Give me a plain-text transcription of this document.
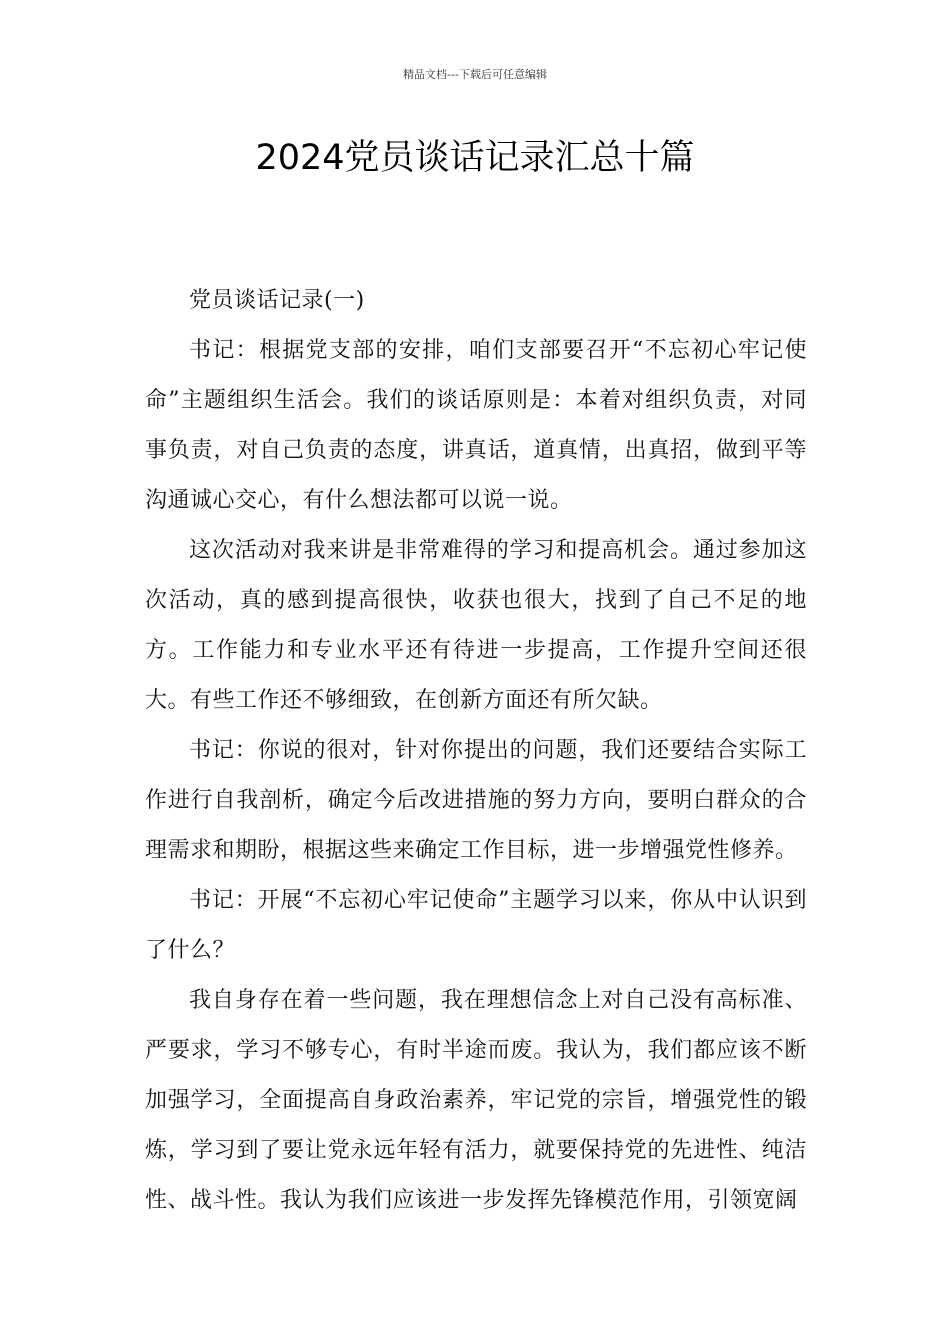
精品文档---下载后可任意编辑
2024党员谈话记录汇总十篇

党员谈话记录(一)

书记：根据党支部的安排，咱们支部要召开“不忘初心牢记使命”主题组织生活会。我们的谈话原则是：本着对组织负责，对同事负责，对自己负责的态度，讲真话，道真情，出真招，做到平等沟通诚心交心，有什么想法都可以说一说。

这次活动对我来讲是非常难得的学习和提高机会。通过参加这次活动，真的感到提高很快，收获也很大，找到了自己不足的地方。工作能力和专业水平还有待进一步提高，工作提升空间还很大。有些工作还不够细致，在创新方面还有所欠缺。

书记：你说的很对，针对你提出的问题，我们还要结合实际工作进行自我剖析，确定今后改进措施的努力方向，要明白群众的合理需求和期盼，根据这些来确定工作目标，进一步增强党性修养。

书记：开展“不忘初心牢记使命”主题学习以来，你从中认识到了什么？

我自身存在着一些问题，我在理想信念上对自己没有高标准、严要求，学习不够专心，有时半途而废。我认为，我们都应该不断加强学习，全面提高自身政治素养，牢记党的宗旨，增强党性的锻炼，学习到了要让党永远年轻有活力，就要保持党的先进性、纯洁性、战斗性。我认为我们应该进一步发挥先锋模范作用，引领宽阔
